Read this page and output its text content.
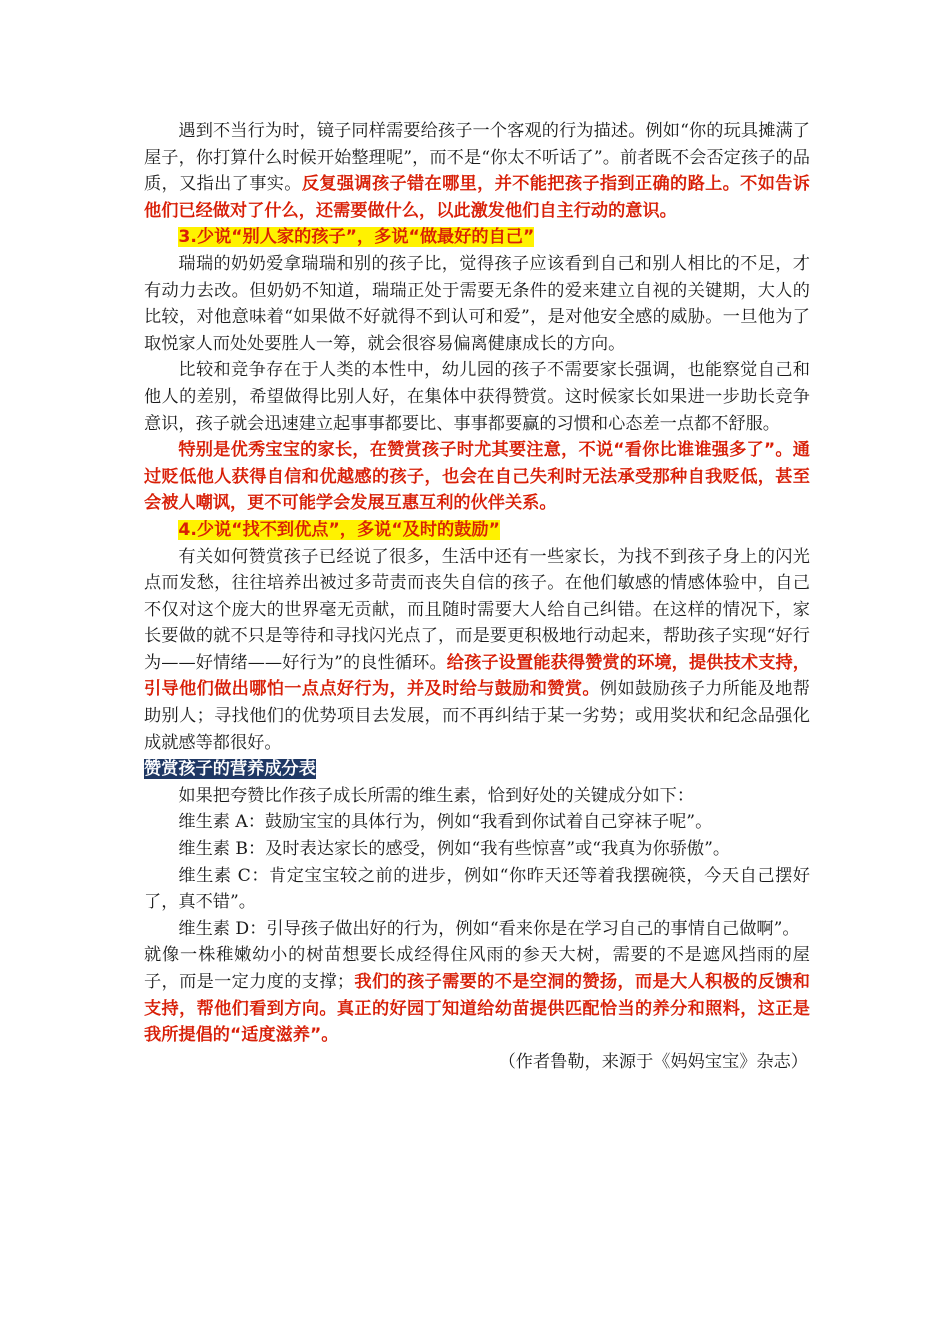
遇到不当行为时，镜子同样需要给孩子一个客观的行为描述。例如“你的玩具摊满了屋子，你打算什么时候开始整理呢”，而不是“你太不听话了”。前者既不会否定孩子的品质，又指出了事实。反复强调孩子错在哪里，并不能把孩子指到正确的路上。不如告诉他们已经做对了什么，还需要做什么，以此激发他们自主行动的意识。

3.少说“别人家的孩子”，多说“做最好的自己”

瑞瑞的奶奶爱拿瑞瑞和别的孩子比，觉得孩子应该看到自己和别人相比的不足，才有动力去改。但奶奶不知道，瑞瑞正处于需要无条件的爱来建立自视的关键期，大人的比较，对他意味着“如果做不好就得不到认可和爱”，是对他安全感的威胁。一旦他为了取悦家人而处处要胜人一筹，就会很容易偏离健康成长的方向。

比较和竞争存在于人类的本性中，幼儿园的孩子不需要家长强调，也能察觉自己和他人的差别，希望做得比别人好，在集体中获得赞赏。这时候家长如果进一步助长竞争意识，孩子就会迅速建立起事事都要比、事事都要赢的习惯和心态差一点都不舒服。

特别是优秀宝宝的家长，在赞赏孩子时尤其要注意，不说“看你比谁谁强多了”。通过贬低他人获得自信和优越感的孩子，也会在自己失利时无法承受那种自我贬低，甚至会被人嘲讽，更不可能学会发展互惠互利的伙伴关系。

4.少说“找不到优点”，多说“及时的鼓励”

有关如何赞赏孩子已经说了很多，生活中还有一些家长，为找不到孩子身上的闪光点而发愁，往往培养出被过多苛责而丧失自信的孩子。在他们敏感的情感体验中，自己不仅对这个庞大的世界毫无贡献，而且随时需要大人给自己纠错。在这样的情况下，家长要做的就不只是等待和寻找闪光点了，而是要更积极地行动起来，帮助孩子实现“好行为——好情绪——好行为”的良性循环。给孩子设置能获得赞赏的环境，提供技术支持，引导他们做出哪怕一点点好行为，并及时给与鼓励和赞赏。例如鼓励孩子力所能及地帮助别人；寻找他们的优势项目去发展，而不再纠结于某一劣势；或用奖状和纪念品强化成就感等都很好。

赞赏孩子的营养成分表

如果把夸赞比作孩子成长所需的维生素，恰到好处的关键成分如下：

维生素 A：鼓励宝宝的具体行为，例如“我看到你试着自己穿袜子呢”。

维生素 B：及时表达家长的感受，例如“我有些惊喜”或“我真为你骄傲”。

维生素 C：肯定宝宝较之前的进步，例如“你昨天还等着我摆碗筷，今天自己摆好了，真不错”。

维生素 D：引导孩子做出好的行为，例如“看来你是在学习自己的事情自己做啊”。

就像一株稚嫩幼小的树苗想要长成经得住风雨的参天大树，需要的不是遮风挡雨的屋子，而是一定力度的支撑；我们的孩子需要的不是空洞的赞扬，而是大人积极的反馈和支持，帮他们看到方向。真正的好园丁知道给幼苗提供匹配恰当的养分和照料，这正是我所提倡的“适度滋养”。

（作者鲁勒，来源于《妈妈宝宝》杂志）
